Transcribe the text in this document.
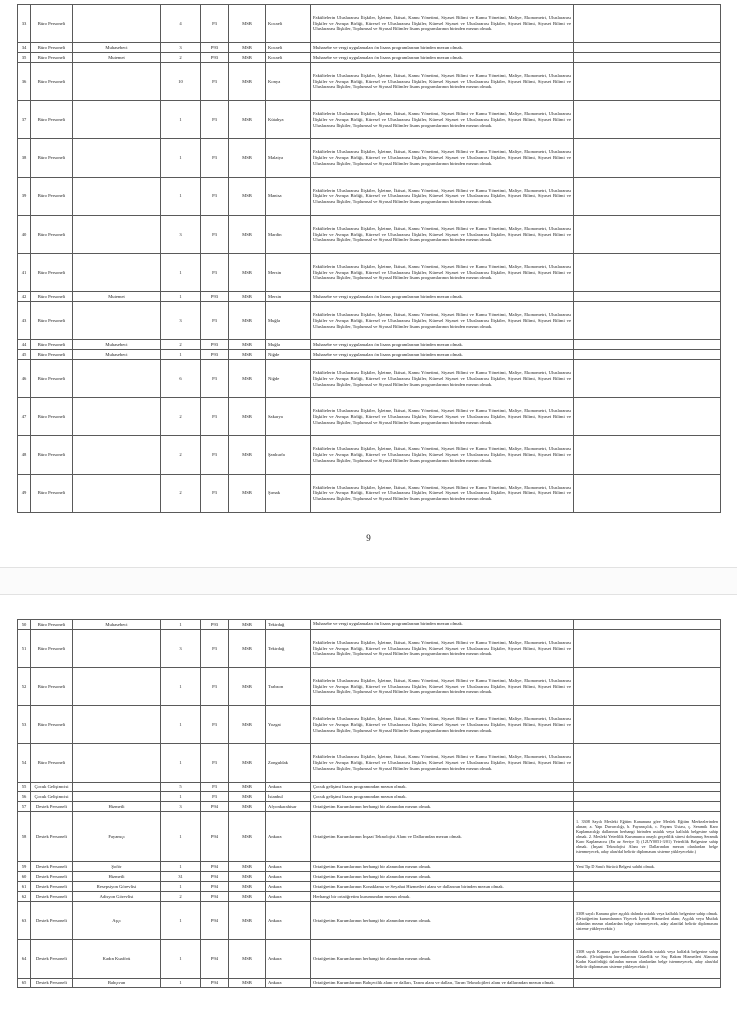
33	Büro Personeli		4	P3	MSB	Kocaeli	Fakültelerin Uluslararası İlişkiler, İşletme, İktisat, Kamu Yönetimi, Siyaset Bilimi ve Kamu Yönetimi, Maliye, Ekonometri, Uluslararası İlişkiler ve Avrupa Birliği, Küresel ve Uluslararası İlişkiler, Küresel Siyaset ve Uluslararası İlişkiler, Siyaset Bilimi, Siyaset Bilimi ve Uluslararası İlişkiler, Toplumsal ve Siyasal Bilimler lisans programlarının birinden mezun olmak.	
34	Büro Personeli	Muhasebeci	3	P93	MSB	Kocaeli	Muhasebe ve vergi uygulamaları ön lisans programlarının birinden mezun olmak.	
35	Büro Personeli	Mutemet	2	P93	MSB	Kocaeli	Muhasebe ve vergi uygulamaları ön lisans programlarının birinden mezun olmak.	
36	Büro Personeli		10	P3	MSB	Konya	Fakültelerin Uluslararası İlişkiler, İşletme, İktisat, Kamu Yönetimi, Siyaset Bilimi ve Kamu Yönetimi, Maliye, Ekonometri, Uluslararası İlişkiler ve Avrupa Birliği, Küresel ve Uluslararası İlişkiler, Küresel Siyaset ve Uluslararası İlişkiler, Siyaset Bilimi, Siyaset Bilimi ve Uluslararası İlişkiler, Toplumsal ve Siyasal Bilimler lisans programlarının birinden mezun olmak.	
37	Büro Personeli		1	P3	MSB	Kütahya	Fakültelerin Uluslararası İlişkiler, İşletme, İktisat, Kamu Yönetimi, Siyaset Bilimi ve Kamu Yönetimi, Maliye, Ekonometri, Uluslararası İlişkiler ve Avrupa Birliği, Küresel ve Uluslararası İlişkiler, Küresel Siyaset ve Uluslararası İlişkiler, Siyaset Bilimi, Siyaset Bilimi ve Uluslararası İlişkiler, Toplumsal ve Siyasal Bilimler lisans programlarının birinden mezun olmak.	
38	Büro Personeli		1	P3	MSB	Malatya	Fakültelerin Uluslararası İlişkiler, İşletme, İktisat, Kamu Yönetimi, Siyaset Bilimi ve Kamu Yönetimi, Maliye, Ekonometri, Uluslararası İlişkiler ve Avrupa Birliği, Küresel ve Uluslararası İlişkiler, Küresel Siyaset ve Uluslararası İlişkiler, Siyaset Bilimi, Siyaset Bilimi ve Uluslararası İlişkiler, Toplumsal ve Siyasal Bilimler lisans programlarının birinden mezun olmak.	
39	Büro Personeli		1	P3	MSB	Manisa	Fakültelerin Uluslararası İlişkiler, İşletme, İktisat, Kamu Yönetimi, Siyaset Bilimi ve Kamu Yönetimi, Maliye, Ekonometri, Uluslararası İlişkiler ve Avrupa Birliği, Küresel ve Uluslararası İlişkiler, Küresel Siyaset ve Uluslararası İlişkiler, Siyaset Bilimi, Siyaset Bilimi ve Uluslararası İlişkiler, Toplumsal ve Siyasal Bilimler lisans programlarının birinden mezun olmak.	
40	Büro Personeli		3	P3	MSB	Mardin	Fakültelerin Uluslararası İlişkiler, İşletme, İktisat, Kamu Yönetimi, Siyaset Bilimi ve Kamu Yönetimi, Maliye, Ekonometri, Uluslararası İlişkiler ve Avrupa Birliği, Küresel ve Uluslararası İlişkiler, Küresel Siyaset ve Uluslararası İlişkiler, Siyaset Bilimi, Siyaset Bilimi ve Uluslararası İlişkiler, Toplumsal ve Siyasal Bilimler lisans programlarının birinden mezun olmak.	
41	Büro Personeli		1	P3	MSB	Mersin	Fakültelerin Uluslararası İlişkiler, İşletme, İktisat, Kamu Yönetimi, Siyaset Bilimi ve Kamu Yönetimi, Maliye, Ekonometri, Uluslararası İlişkiler ve Avrupa Birliği, Küresel ve Uluslararası İlişkiler, Küresel Siyaset ve Uluslararası İlişkiler, Siyaset Bilimi, Siyaset Bilimi ve Uluslararası İlişkiler, Toplumsal ve Siyasal Bilimler lisans programlarının birinden mezun olmak.	
42	Büro Personeli	Mutemet	1	P93	MSB	Mersin	Muhasebe ve vergi uygulamaları ön lisans programlarının birinden mezun olmak.	
43	Büro Personeli		3	P3	MSB	Muğla	Fakültelerin Uluslararası İlişkiler, İşletme, İktisat, Kamu Yönetimi, Siyaset Bilimi ve Kamu Yönetimi, Maliye, Ekonometri, Uluslararası İlişkiler ve Avrupa Birliği, Küresel ve Uluslararası İlişkiler, Küresel Siyaset ve Uluslararası İlişkiler, Siyaset Bilimi, Siyaset Bilimi ve Uluslararası İlişkiler, Toplumsal ve Siyasal Bilimler lisans programlarının birinden mezun olmak.	
44	Büro Personeli	Muhasebeci	2	P93	MSB	Muğla	Muhasebe ve vergi uygulamaları ön lisans programlarının birinden mezun olmak.	
45	Büro Personeli	Muhasebeci	1	P93	MSB	Niğde	Muhasebe ve vergi uygulamaları ön lisans programlarının birinden mezun olmak.	
46	Büro Personeli		6	P3	MSB	Niğde	Fakültelerin Uluslararası İlişkiler, İşletme, İktisat, Kamu Yönetimi, Siyaset Bilimi ve Kamu Yönetimi, Maliye, Ekonometri, Uluslararası İlişkiler ve Avrupa Birliği, Küresel ve Uluslararası İlişkiler, Küresel Siyaset ve Uluslararası İlişkiler, Siyaset Bilimi, Siyaset Bilimi ve Uluslararası İlişkiler, Toplumsal ve Siyasal Bilimler lisans programlarının birinden mezun olmak.	
47	Büro Personeli		2	P3	MSB	Sakarya	Fakültelerin Uluslararası İlişkiler, İşletme, İktisat, Kamu Yönetimi, Siyaset Bilimi ve Kamu Yönetimi, Maliye, Ekonometri, Uluslararası İlişkiler ve Avrupa Birliği, Küresel ve Uluslararası İlişkiler, Küresel Siyaset ve Uluslararası İlişkiler, Siyaset Bilimi, Siyaset Bilimi ve Uluslararası İlişkiler, Toplumsal ve Siyasal Bilimler lisans programlarının birinden mezun olmak.	
48	Büro Personeli		2	P3	MSB	Şanlıurfa	Fakültelerin Uluslararası İlişkiler, İşletme, İktisat, Kamu Yönetimi, Siyaset Bilimi ve Kamu Yönetimi, Maliye, Ekonometri, Uluslararası İlişkiler ve Avrupa Birliği, Küresel ve Uluslararası İlişkiler, Küresel Siyaset ve Uluslararası İlişkiler, Siyaset Bilimi, Siyaset Bilimi ve Uluslararası İlişkiler, Toplumsal ve Siyasal Bilimler lisans programlarının birinden mezun olmak.	
49	Büro Personeli		2	P3	MSB	Şırnak	Fakültelerin Uluslararası İlişkiler, İşletme, İktisat, Kamu Yönetimi, Siyaset Bilimi ve Kamu Yönetimi, Maliye, Ekonometri, Uluslararası İlişkiler ve Avrupa Birliği, Küresel ve Uluslararası İlişkiler, Küresel Siyaset ve Uluslararası İlişkiler, Siyaset Bilimi, Siyaset Bilimi ve Uluslararası İlişkiler, Toplumsal ve Siyasal Bilimler lisans programlarının birinden mezun olmak.	
9
50	Büro Personeli	Muhasebeci	1	P93	MSB	Tekirdağ	Muhasebe ve vergi uygulamaları ön lisans programlarının birinden mezun olmak.	
51	Büro Personeli		3	P3	MSB	Tekirdağ	Fakültelerin Uluslararası İlişkiler, İşletme, İktisat, Kamu Yönetimi, Siyaset Bilimi ve Kamu Yönetimi, Maliye, Ekonometri, Uluslararası İlişkiler ve Avrupa Birliği, Küresel ve Uluslararası İlişkiler, Küresel Siyaset ve Uluslararası İlişkiler, Siyaset Bilimi, Siyaset Bilimi ve Uluslararası İlişkiler, Toplumsal ve Siyasal Bilimler lisans programlarının birinden mezun olmak.	
52	Büro Personeli		1	P3	MSB	Trabzon	Fakültelerin Uluslararası İlişkiler, İşletme, İktisat, Kamu Yönetimi, Siyaset Bilimi ve Kamu Yönetimi, Maliye, Ekonometri, Uluslararası İlişkiler ve Avrupa Birliği, Küresel ve Uluslararası İlişkiler, Küresel Siyaset ve Uluslararası İlişkiler, Siyaset Bilimi, Siyaset Bilimi ve Uluslararası İlişkiler, Toplumsal ve Siyasal Bilimler lisans programlarının birinden mezun olmak.	
53	Büro Personeli		1	P3	MSB	Yozgat	Fakültelerin Uluslararası İlişkiler, İşletme, İktisat, Kamu Yönetimi, Siyaset Bilimi ve Kamu Yönetimi, Maliye, Ekonometri, Uluslararası İlişkiler ve Avrupa Birliği, Küresel ve Uluslararası İlişkiler, Küresel Siyaset ve Uluslararası İlişkiler, Siyaset Bilimi, Siyaset Bilimi ve Uluslararası İlişkiler, Toplumsal ve Siyasal Bilimler lisans programlarının birinden mezun olmak.	
54	Büro Personeli		1	P3	MSB	Zonguldak	Fakültelerin Uluslararası İlişkiler, İşletme, İktisat, Kamu Yönetimi, Siyaset Bilimi ve Kamu Yönetimi, Maliye, Ekonometri, Uluslararası İlişkiler ve Avrupa Birliği, Küresel ve Uluslararası İlişkiler, Küresel Siyaset ve Uluslararası İlişkiler, Siyaset Bilimi, Siyaset Bilimi ve Uluslararası İlişkiler, Toplumsal ve Siyasal Bilimler lisans programlarının birinden mezun olmak.	
55	Çocuk Gelişimcisi		5	P3	MSB	Ankara	Çocuk gelişimi lisans programından mezun olmak.	
56	Çocuk Gelişimcisi		1	P3	MSB	İstanbul	Çocuk gelişimi lisans programından mezun olmak.	
57	Destek Personeli	Hizmetli	3	P94	MSB	Afyonkarahisar	Ortaöğretim Kurumlarının herhangi bir alanından mezun olmak.	
58	Destek Personeli	Fayansçı	1	P94	MSB	Ankara	Ortaöğretim Kurumlarının İnşaat Teknolojisi Alanı ve Dallarından mezun olmak.	1. 3308 Sayılı Mesleki Eğitim Kanununa göre Meslek Eğitim Merkezlerinden alınan; a. Yapı Duvarcılığı, b. Fayansçılık, c. Fayans Ustası, ç. Seramik Karo Kaplamacılığı dallarının herhangi birinden ustalık veya kalfalık belgesine sahip olmak. 2. Mesleki Yeterlilik Kurumunca onaylı geçerlilik süresi dolmamış Seramik Karo Kaplamacısı (En az Seviye 3) (12UY0051-3/01) Yeterlilik Belgesine sahip olmak. (İnşaat Teknolojisi Alanı ve Dallarından mezun olanlardan belge istenmeyecek, aday alan/dal belirtir diplomasını sisteme yükleyecektir.)
59	Destek Personeli	Şoför	1	P94	MSB	Ankara	Ortaöğretim Kurumlarının herhangi bir alanından mezun olmak.	Yeni Tip D Sınıfı Sürücü Belgesi sahibi olmak.
60	Destek Personeli	Hizmetli	31	P94	MSB	Ankara	Ortaöğretim Kurumlarının herhangi bir alanından mezun olmak.	
61	Destek Personeli	Resepsiyon Görevlisi	1	P94	MSB	Ankara	Ortaöğretim Kurumlarının Konaklama ve Seyahat Hizmetleri alanı ve dallarının birinden mezun olmak.	
62	Destek Personeli	Adisyon Görevlisi	2	P94	MSB	Ankara	Herhangi bir ortaöğretim kurumundan mezun olmak.	
63	Destek Personeli	Aşçı	1	P94	MSB	Ankara	Ortaöğretim Kurumlarının herhangi bir alanından mezun olmak.	3308 sayılı Kanuna göre aşçılık dalında ustalık veya kalfalık belgesine sahip olmak. (Ortaöğretim kurumlarının Yiyecek İçecek Hizmetleri alanı; Aşçılık veya Mutfak dalından mezun olanlardan belge istenmeyecek, aday alan/dal belirtir diplomasını sisteme yükleyecektir.)
64	Destek Personeli	Kadın Kuaförü	1	P94	MSB	Ankara	Ortaöğretim Kurumlarının herhangi bir alanından mezun olmak.	3308 sayılı Kanuna göre Kuaförlük dalında ustalık veya kalfalık belgesine sahip olmak. (Ortaöğretim kurumlarının Güzellik ve Saç Bakım Hizmetleri Alanının Kadın Kuaförlüğü dalından mezun olanlardan belge istenmeyecek, aday alan/dal belirtir diplomasını sisteme yükleyecektir.)
65	Destek Personeli	Bahçıvan	1	P94	MSB	Ankara	Ortaöğretim Kurumlarının Bahçecilik alanı ve dalları, Tarım alanı ve dalları, Tarım Teknolojileri alanı ve dallarından mezun olmak.	
